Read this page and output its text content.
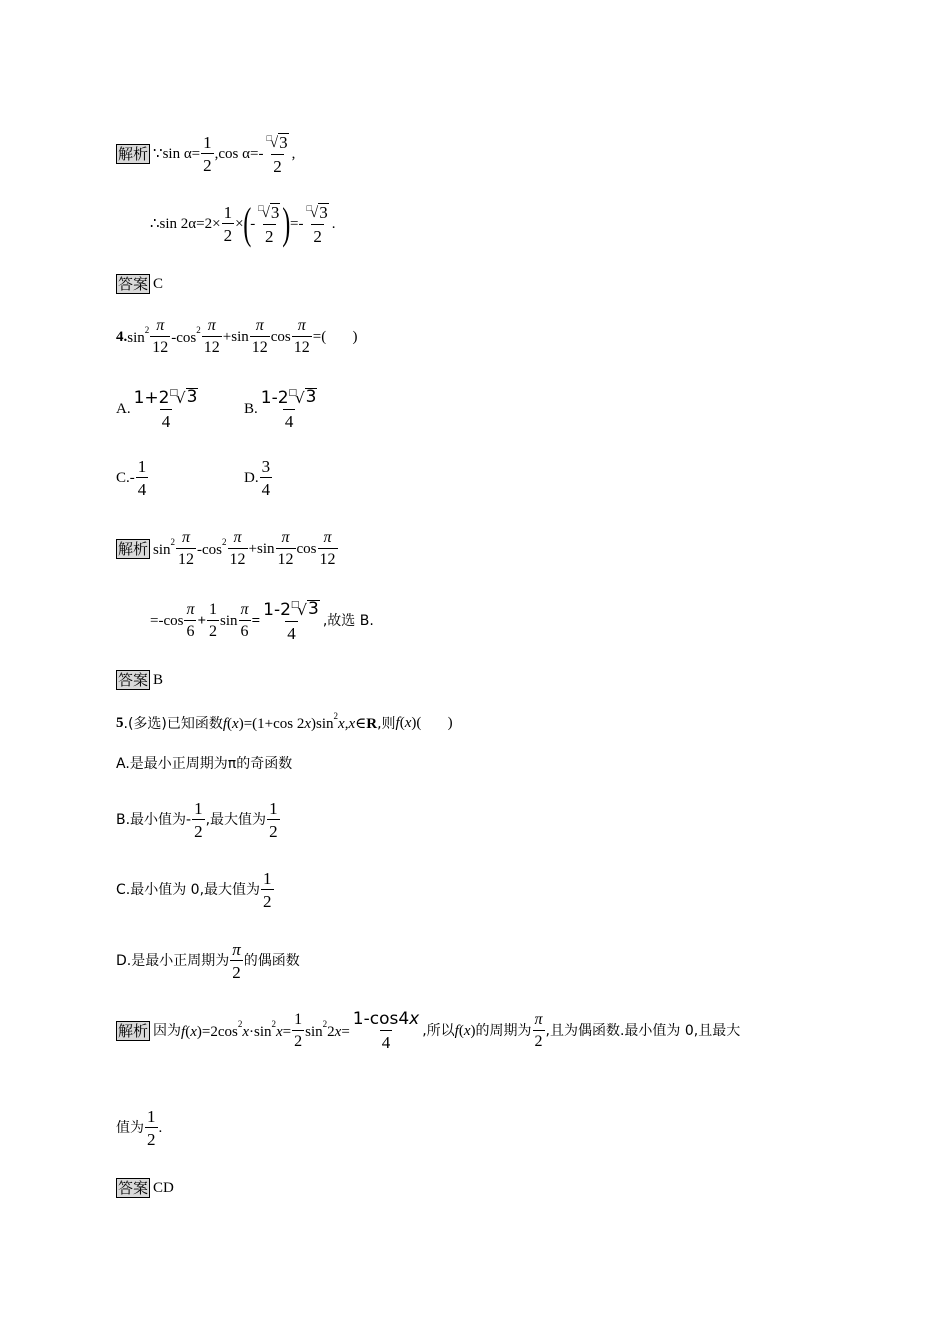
解析 ∵ $\sin \alpha= \frac{1}{2} ,\cos$ α=- □
√ 3
2 ,
∴ $\sin 2\alpha=2\times \frac{1}{2}$ × ( - □
√ 3
2 ) =- □
√ 3
2 .
答案 C
4 . $\sin^2 \frac{\pi}{12} -\cos^2 \frac{\pi}{12} +\sin \frac{\pi}{12}$ $\cos \frac{\pi}{12}$ =(       )
A. 1+2 □
√ 3
4	B. 1-2 □
√ 3
4
$C.- \frac{1}{4}$	D. $\frac{3}{4}$
解析 $\sin^2 \frac{\pi}{12} -\cos^2 \frac{\pi}{12} +\sin \frac{\pi}{12}$ $\cos \frac{\pi}{12}$
$=-\cos \frac{\pi}{6} + \frac{1}{2}$ $\sin \frac{\pi}{6} = 1-2$ □
√ 3
4 ,故选 B.
答案 B
5 .(多选)已知函数 f(x)=(1+cos $2x)\sin^2x,x\in R$ ,则 f(x)(       )
A.是最小正周期为π的奇函数
B.最小值为- $\frac{1}{2}$ ,最大值为 $\frac{1}{2}$
C.最小值为 0,最大值为 $\frac{1}{2}$
D.是最小正周期为 $\frac{\pi}{2}$ 的偶函数
解析 因为 $f(x)=2\cos^2x\cdot\sin^2x= \frac{1}{2} \sin^22x= \frac{1-\cos 4x}{4}$ ,所以 f(x) 的周期为 $\frac{\pi}{2}$ ,且为偶函数.最小值为 0,且最大
值为 $\frac{1}{2}$ .
答案 CD
